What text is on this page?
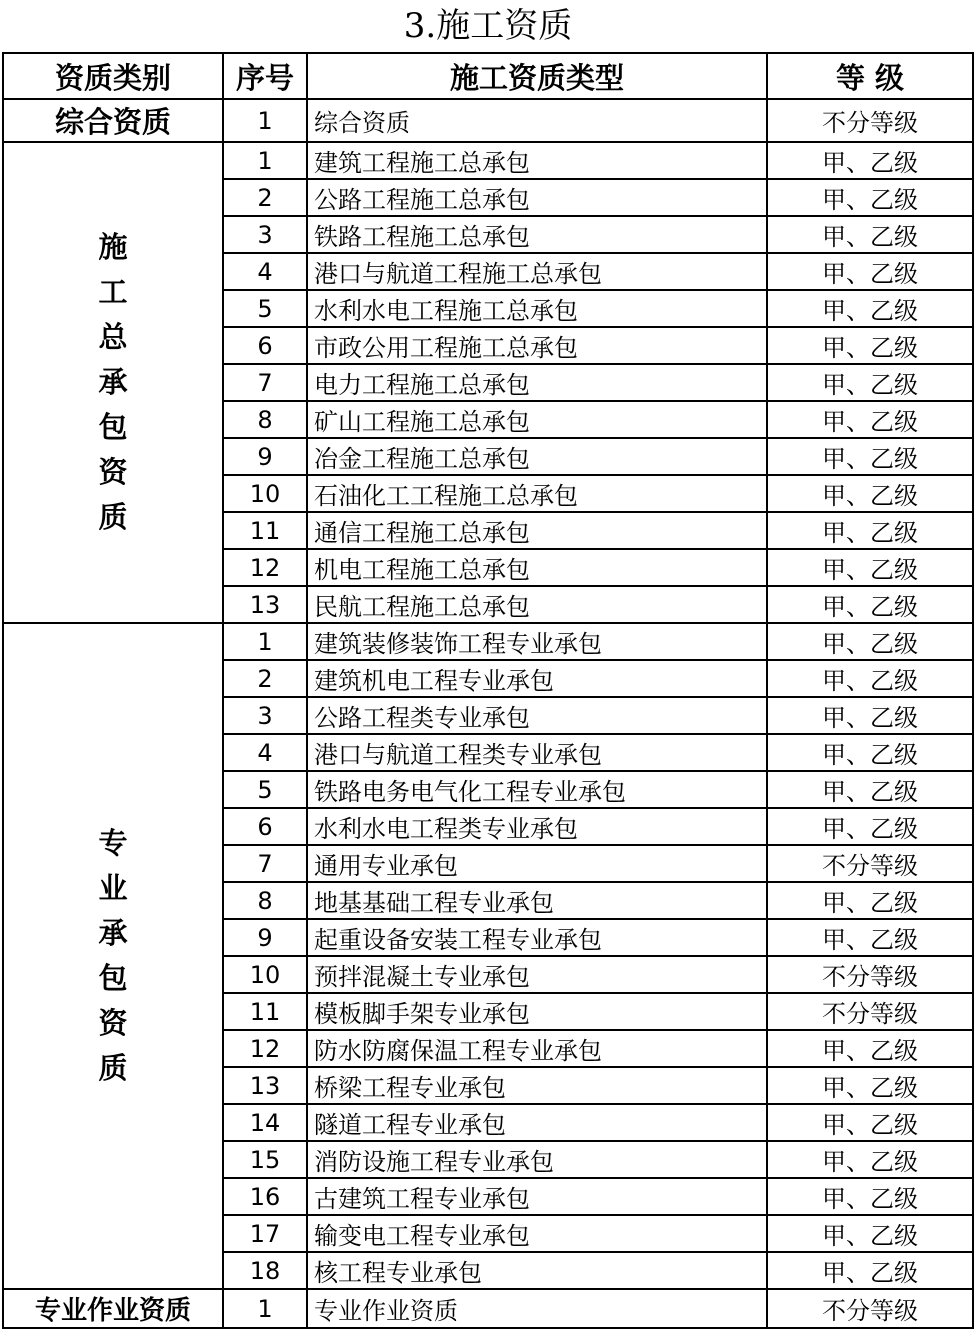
3.施工资质
资质类别	序号	施工资质类型	等 级
综合资质	1	综合资质	不分等级
施工总承包资质	1	建筑工程施工总承包	甲、乙级
	2	公路工程施工总承包	甲、乙级
	3	铁路工程施工总承包	甲、乙级
	4	港口与航道工程施工总承包	甲、乙级
	5	水利水电工程施工总承包	甲、乙级
	6	市政公用工程施工总承包	甲、乙级
	7	电力工程施工总承包	甲、乙级
	8	矿山工程施工总承包	甲、乙级
	9	冶金工程施工总承包	甲、乙级
	10	石油化工工程施工总承包	甲、乙级
	11	通信工程施工总承包	甲、乙级
	12	机电工程施工总承包	甲、乙级
	13	民航工程施工总承包	甲、乙级
专业承包资质	1	建筑装修装饰工程专业承包	甲、乙级
	2	建筑机电工程专业承包	甲、乙级
	3	公路工程类专业承包	甲、乙级
	4	港口与航道工程类专业承包	甲、乙级
	5	铁路电务电气化工程专业承包	甲、乙级
	6	水利水电工程类专业承包	甲、乙级
	7	通用专业承包	不分等级
	8	地基基础工程专业承包	甲、乙级
	9	起重设备安装工程专业承包	甲、乙级
	10	预拌混凝土专业承包	不分等级
	11	模板脚手架专业承包	不分等级
	12	防水防腐保温工程专业承包	甲、乙级
	13	桥梁工程专业承包	甲、乙级
	14	隧道工程专业承包	甲、乙级
	15	消防设施工程专业承包	甲、乙级
	16	古建筑工程专业承包	甲、乙级
	17	输变电工程专业承包	甲、乙级
	18	核工程专业承包	甲、乙级
专业作业资质	1	专业作业资质	不分等级
